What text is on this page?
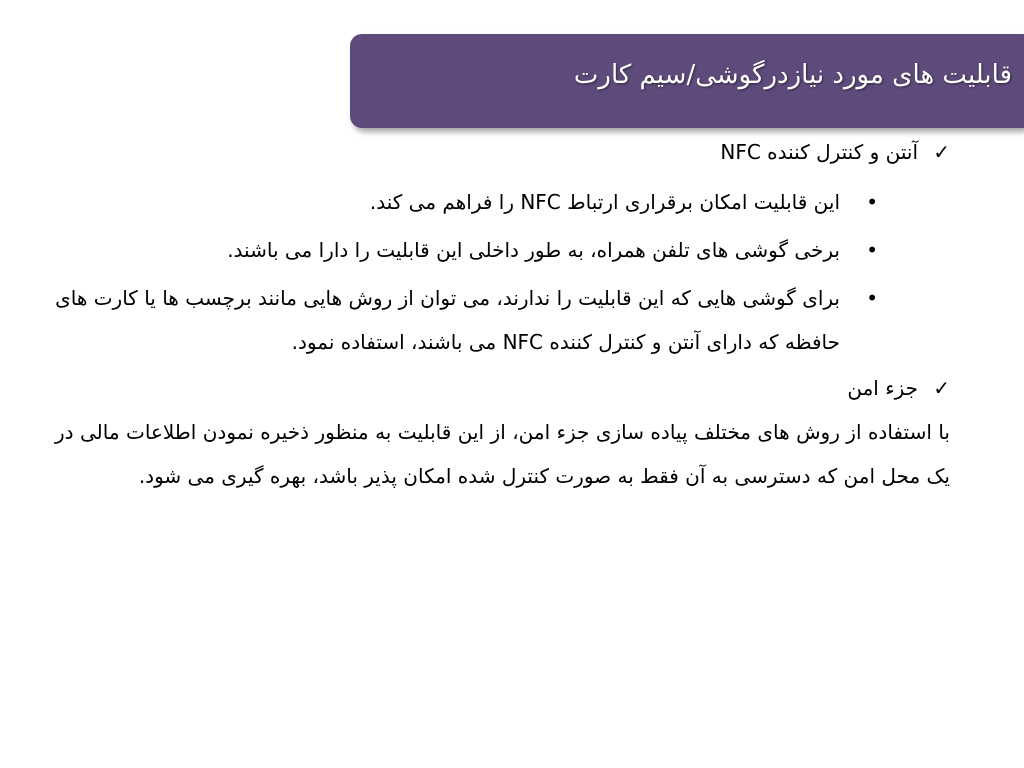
قابلیت های مورد نیازدرگوشی/سیم کارت
✓
آنتن و کنترل کننده NFC
•
این قابلیت امکان برقراری ارتباط NFC را فراهم می کند.
•
برخی گوشی های تلفن همراه، به طور داخلی این قابلیت را دارا می باشند.
•
برای گوشی هایی که این قابلیت را ندارند، می توان از روش هایی مانند برچسب ها یا کارت های حافظه که دارای آنتن و کنترل کننده NFC می باشند، استفاده نمود.
✓
جزء امن
با استفاده از روش های مختلف پیاده سازی جزء امن، از این قابلیت به منظور ذخیره نمودن اطلاعات مالی در یک محل امن که دسترسی به آن فقط به صورت کنترل شده امکان پذیر باشد، بهره گیری می شود.
